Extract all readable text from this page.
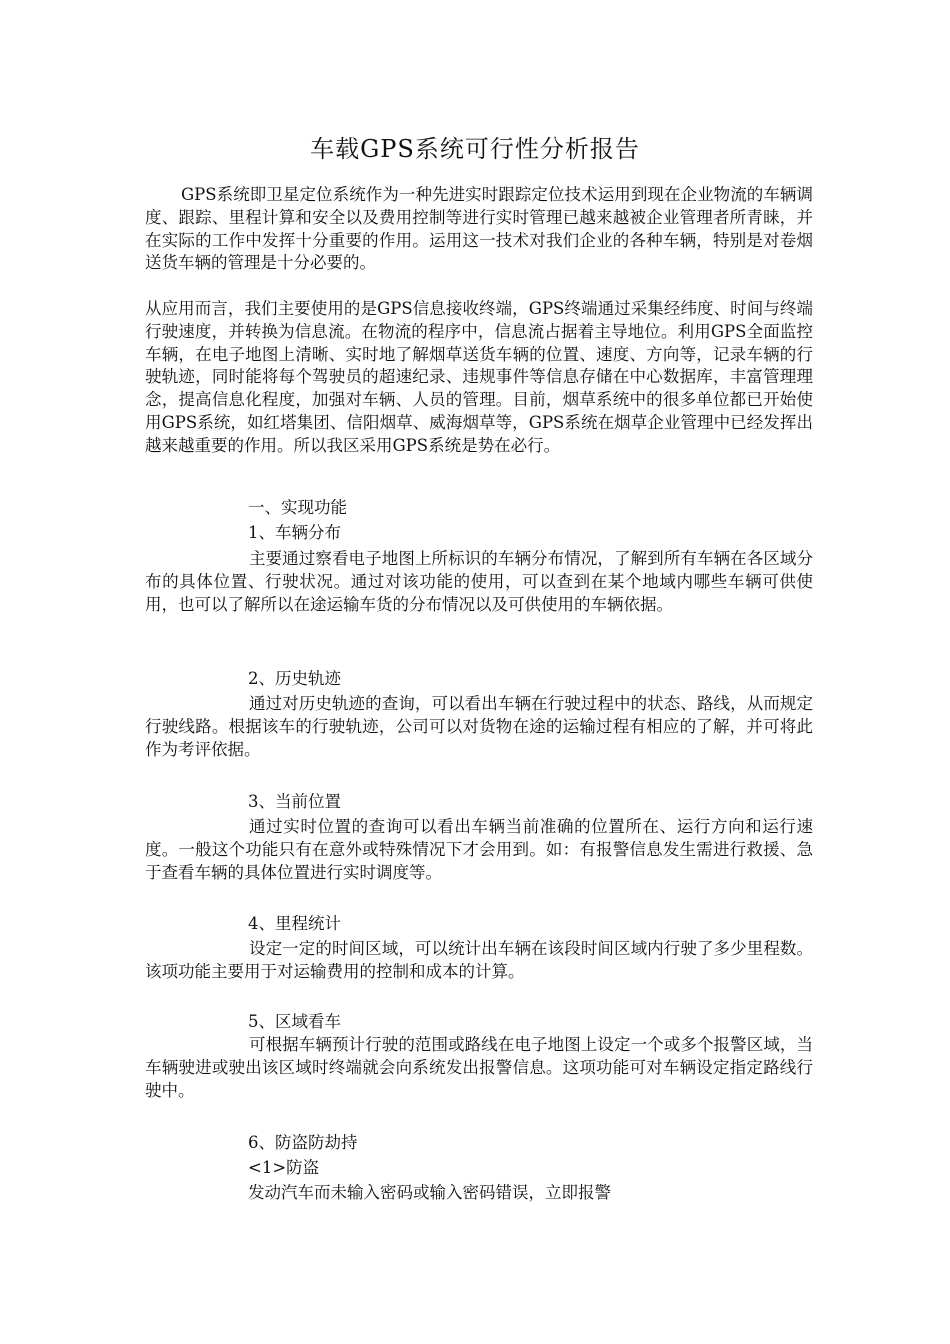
车载GPS系统可行性分析报告

GPS系统即卫星定位系统作为一种先进实时跟踪定位技术运用到现在企业物流的车辆调度、跟踪、里程计算和安全以及费用控制等进行实时管理已越来越被企业管理者所青睐，并在实际的工作中发挥十分重要的作用。运用这一技术对我们企业的各种车辆，特别是对卷烟送货车辆的管理是十分必要的。

从应用而言，我们主要使用的是GPS信息接收终端，GPS终端通过采集经纬度、时间与终端行驶速度，并转换为信息流。在物流的程序中，信息流占据着主导地位。利用GPS全面监控车辆，在电子地图上清晰、实时地了解烟草送货车辆的位置、速度、方向等，记录车辆的行驶轨迹，同时能将每个驾驶员的超速纪录、违规事件等信息存储在中心数据库，丰富管理理念，提高信息化程度，加强对车辆、人员的管理。目前，烟草系统中的很多单位都已开始使用GPS系统，如红塔集团、信阳烟草、威海烟草等，GPS系统在烟草企业管理中已经发挥出越来越重要的作用。所以我区采用GPS系统是势在必行。

一、实现功能
1、车辆分布

主要通过察看电子地图上所标识的车辆分布情况，了解到所有车辆在各区域分布的具体位置、行驶状况。通过对该功能的使用，可以查到在某个地域内哪些车辆可供使用，也可以了解所以在途运输车货的分布情况以及可供使用的车辆依据。

2、历史轨迹

通过对历史轨迹的查询，可以看出车辆在行驶过程中的状态、路线，从而规定行驶线路。根据该车的行驶轨迹，公司可以对货物在途的运输过程有相应的了解，并可将此作为考评依据。

3、当前位置

通过实时位置的查询可以看出车辆当前准确的位置所在、运行方向和运行速度。一般这个功能只有在意外或特殊情况下才会用到。如：有报警信息发生需进行救援、急于查看车辆的具体位置进行实时调度等。

4、里程统计

设定一定的时间区域，可以统计出车辆在该段时间区域内行驶了多少里程数。该项功能主要用于对运输费用的控制和成本的计算。

5、区域看车

可根据车辆预计行驶的范围或路线在电子地图上设定一个或多个报警区域，当车辆驶进或驶出该区域时终端就会向系统发出报警信息。这项功能可对车辆设定指定路线行驶中。

6、防盗防劫持
<1>防盗
发动汽车而未输入密码或输入密码错误，立即报警
